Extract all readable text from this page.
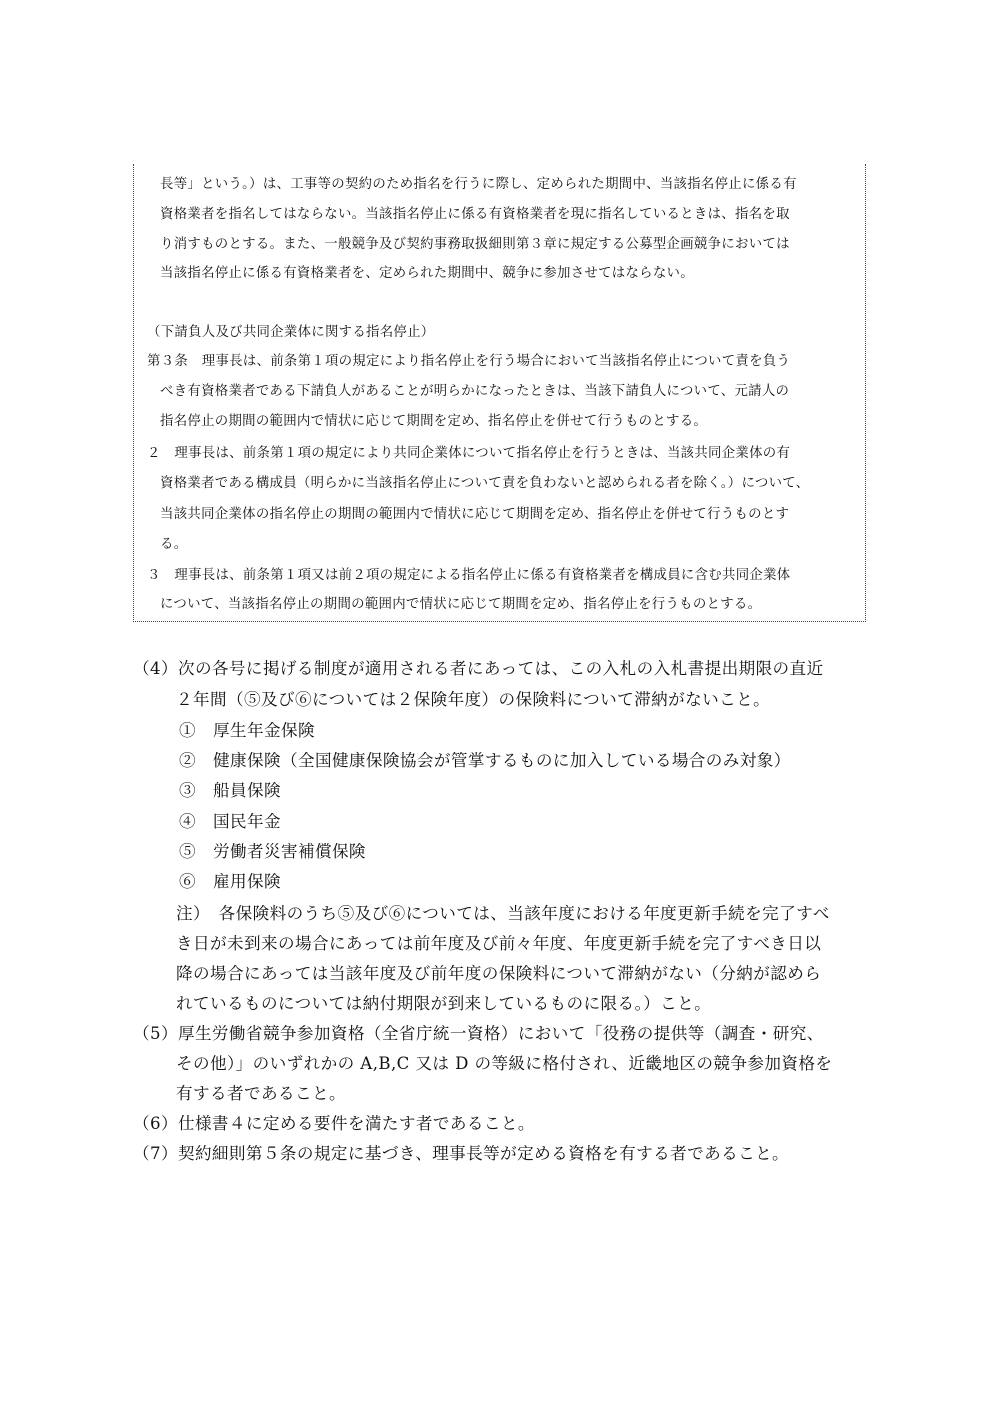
長等」という。）は、工事等の契約のため指名を行うに際し、定められた期間中、当該指名停止に係る有
資格業者を指名してはならない。当該指名停止に係る有資格業者を現に指名しているときは、指名を取
り消すものとする。また、一般競争及び契約事務取扱細則第３章に規定する公募型企画競争においては
当該指名停止に係る有資格業者を、定められた期間中、競争に参加させてはならない。
（下請負人及び共同企業体に関する指名停止）
第３条　理事長は、前条第１項の規定により指名停止を行う場合において当該指名停止について責を負う
べき有資格業者である下請負人があることが明らかになったときは、当該下請負人について、元請人の
指名停止の期間の範囲内で情状に応じて期間を定め、指名停止を併せて行うものとする。
２　理事長は、前条第１項の規定により共同企業体について指名停止を行うときは、当該共同企業体の有
資格業者である構成員（明らかに当該指名停止について責を負わないと認められる者を除く。）について、
当該共同企業体の指名停止の期間の範囲内で情状に応じて期間を定め、指名停止を併せて行うものとす
る。
３　理事長は、前条第１項又は前２項の規定による指名停止に係る有資格業者を構成員に含む共同企業体
について、当該指名停止の期間の範囲内で情状に応じて期間を定め、指名停止を行うものとする。
（4）次の各号に掲げる制度が適用される者にあっては、この入札の入札書提出期限の直近
２年間（⑤及び⑥については２保険年度）の保険料について滞納がないこと。
①　厚生年金保険
②　健康保険（全国健康保険協会が管掌するものに加入している場合のみ対象）
③　船員保険
④　国民年金
⑤　労働者災害補償保険
⑥　雇用保険
注）　各保険料のうち⑤及び⑥については、当該年度における年度更新手続を完了すべ
き日が未到来の場合にあっては前年度及び前々年度、年度更新手続を完了すべき日以
降の場合にあっては当該年度及び前年度の保険料について滞納がない（分納が認めら
れているものについては納付期限が到来しているものに限る。）こと。
（5）厚生労働省競争参加資格（全省庁統一資格）において「役務の提供等（調査・研究、
その他）」のいずれかの A,B,C 又は D の等級に格付され、近畿地区の競争参加資格を
有する者であること。
（6）仕様書４に定める要件を満たす者であること。
（7）契約細則第５条の規定に基づき、理事長等が定める資格を有する者であること。
